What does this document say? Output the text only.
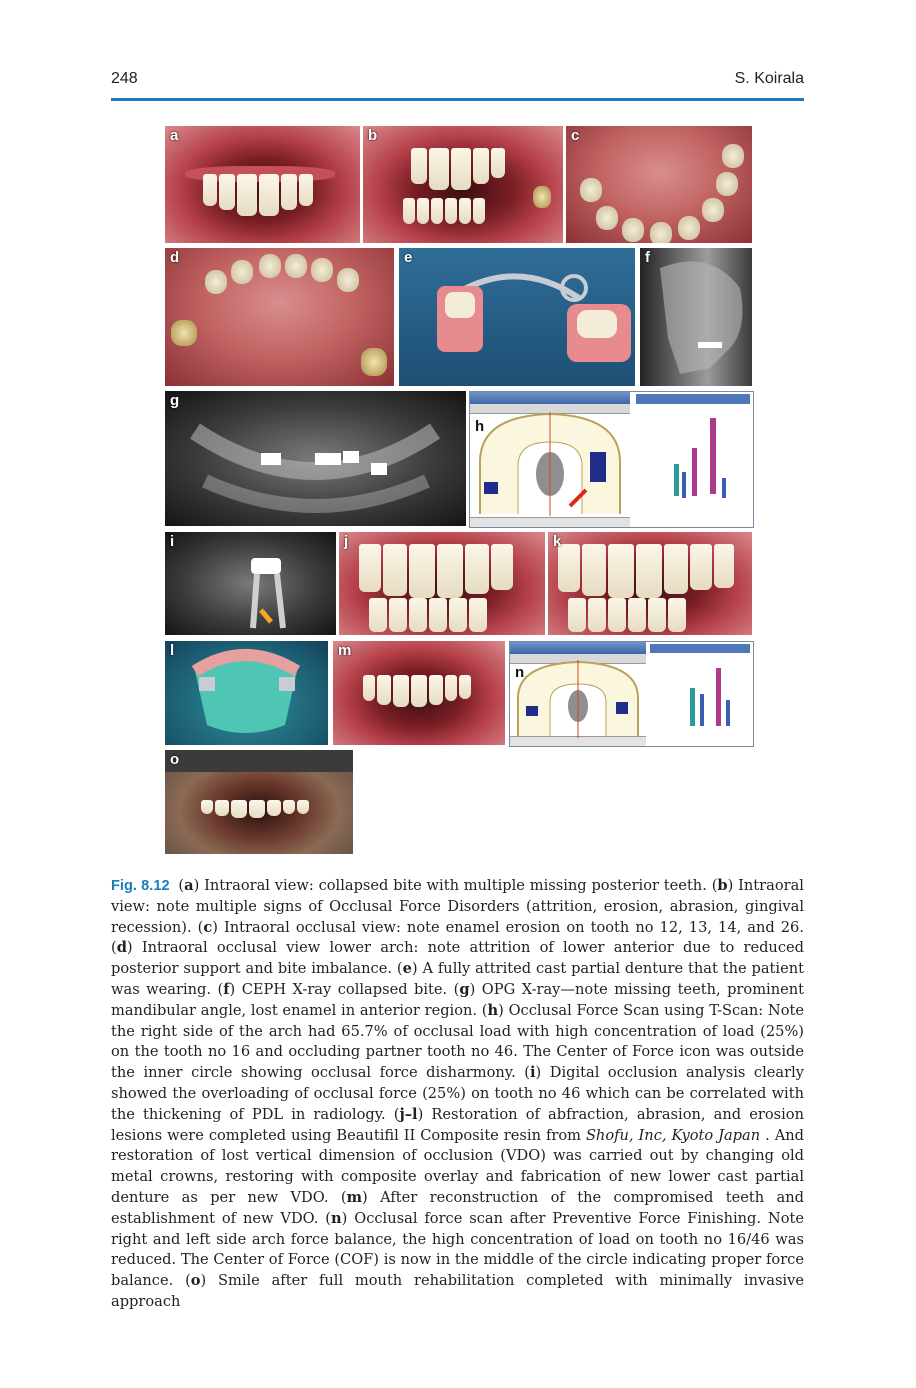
248	S. Koirala
a	b	c
d	e	f
g
h
i	j	k
l	m
n
o
Fig. 8.12 (a) Intraoral view: collapsed bite with multiple missing posterior teeth. (b) Intraoral view: note multiple signs of Occlusal Force Disorders (attrition, erosion, abrasion, gingival recession). (c) Intraoral occlusal view: note enamel erosion on tooth no 12, 13, 14, and 26. (d) Intraoral occlusal view lower arch: note attrition of lower anterior due to reduced posterior support and bite imbalance. (e) A fully attrited cast partial denture that the patient was wearing. (f) CEPH X-ray collapsed bite. (g) OPG X-ray—note missing teeth, prominent mandibular angle, lost enamel in anterior region. (h) Occlusal Force Scan using T-Scan: Note the right side of the arch had 65.7% of occlusal load with high concentration of load (25%) on the tooth no 16 and occluding partner tooth no 46. The Center of Force icon was outside the inner circle showing occlusal force disharmony. (i) Digital occlusion analysis clearly showed the overloading of occlusal force (25%) on tooth no 46 which can be correlated with the thickening of PDL in radiology. (j–l) Restoration of abfraction, abrasion, and erosion lesions were completed using Beautifil II Composite resin from Shofu, Inc, Kyoto Japan . And restoration of lost vertical dimension of occlusion (VDO) was carried out by changing old metal crowns, restoring with composite overlay and fabrication of new lower cast partial denture as per new VDO. (m) After reconstruction of the compromised teeth and establishment of new VDO. (n) Occlusal force scan after Preventive Force Finishing. Note right and left side arch force balance, the high concentration of load on tooth no 16/46 was reduced. The Center of Force (COF) is now in the middle of the circle indicating proper force balance. (o) Smile after full mouth rehabilitation completed with minimally invasive approach
